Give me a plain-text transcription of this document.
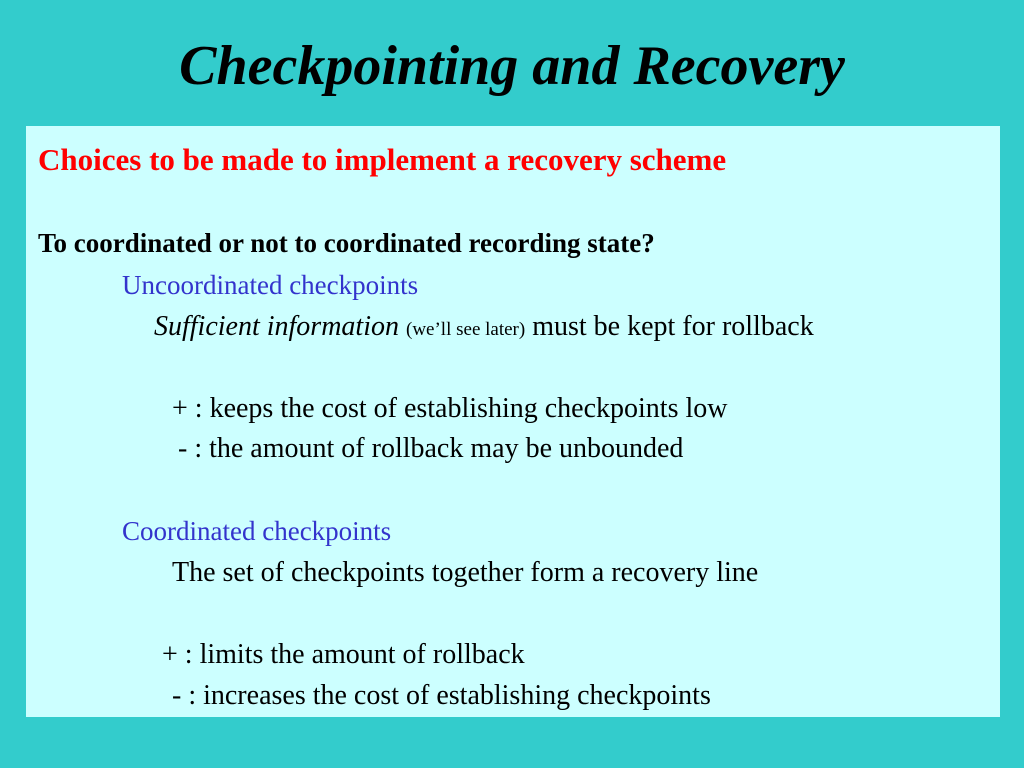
Checkpointing and Recovery
Choices to be made to implement a recovery scheme
To coordinated or not to coordinated recording state?
Uncoordinated checkpoints
Sufficient information (we’ll see later) must be kept for rollback
+ : keeps the cost of establishing checkpoints low
- : the amount of rollback may be unbounded
Coordinated checkpoints
The set of checkpoints together form a recovery line
+ : limits the amount of rollback
- : increases the cost of establishing checkpoints
